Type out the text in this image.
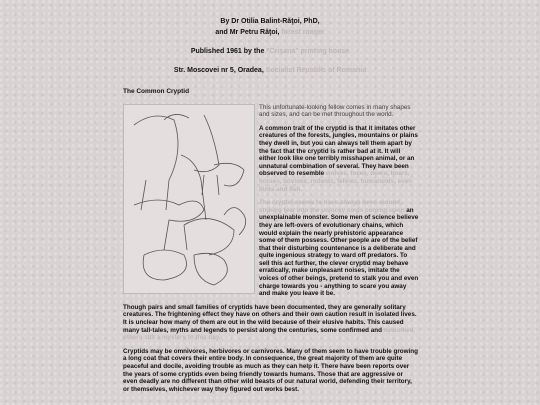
By Dr Otilia Balint-Răţoi, PhD,
and Mr Petru Răţoi, forest ranger
Published 1961 by the "Crişana" printing house
Str. Moscovei nr 5, Oradea, Socialist Republic of Romania
The Common Cryptid

This unfortunate-looking fellow comes in many shapes and sizes, and can be met throughout the world.

A common trait of the cryptid is that it imitates other creatures of the forests, jungles, mountains or plains they dwell in, but you can always tell them apart by the fact that the cryptid is rather bad at it. It will either look like one terribly misshapen animal, or an unnatural combination of several. They have been observed to resemble wolves, foxes, deers, boars, horses, bovines, rodents, felines, humanoids, even birds and fish.

The cryptid seems to have always been around, striking fear into the unlucky souls coming upon an unexplainable monster. Some men of science believe they are left-overs of evolutionary chains, which would explain the nearly prehistoric appearance some of them possess. Other people are of the belief that their disturbing countenance is a deliberate and quite ingenious strategy to ward off predators. To sell this act further, the clever cryptid may behave erratically, make unpleasant noises, imitate the voices of other beings, pretend to stalk you and even charge towards you - anything to scare you away and make you leave it be.

Though pairs and small families of cryptids have been documented, they are generally solitary creatures. The frightening effect they have on others and their own caution result in isolated lives. It is unclear how many of them are out in the wild because of their elusive habits. This caused many tall-tales, myths and legends to persist along the centuries, some confirmed and debunked, others still a mystery to this day.

Cryptids may be omnivores, herbivores or carnivores. Many of them seem to have trouble growing a long coat that covers their entire body. In consequence, the great majority of them are quite peaceful and docile, avoiding trouble as much as they can help it. There have been reports over the years of some cryptids even being friendly towards humans. Those that are aggressive or even deadly are no different than other wild beasts of our natural world, defending their territory, or themselves, whichever way they figured out works best.
